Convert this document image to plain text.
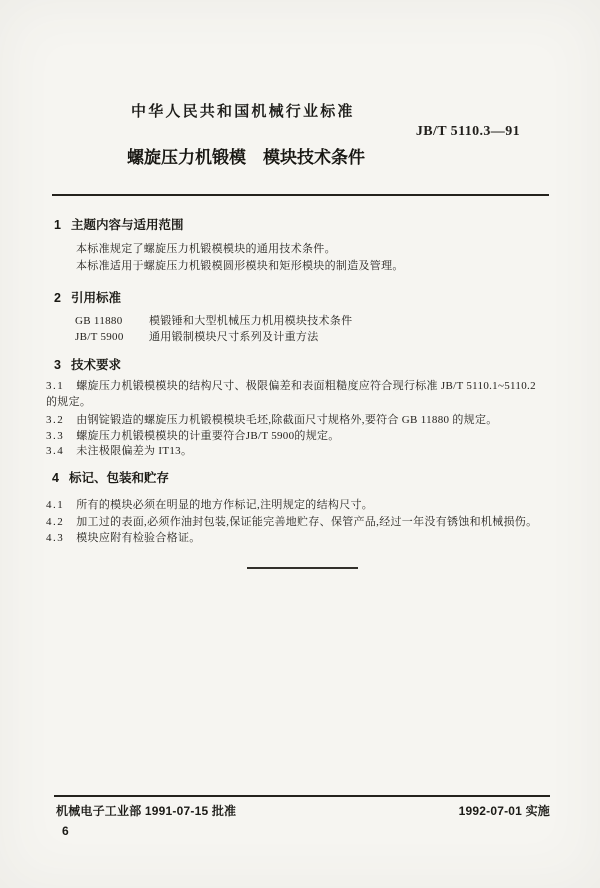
中华人民共和国机械行业标准
JB/T 5110.3—91
螺旋压力机锻模　模块技术条件
1 主题内容与适用范围
本标准规定了螺旋压力机锻模模块的通用技术条件。
本标准适用于螺旋压力机锻模圆形模块和矩形模块的制造及管理。
2 引用标准
GB 11880 模锻锤和大型机械压力机用模块技术条件
JB/T 5900 通用锻制模块尺寸系列及计重方法
3 技术要求
3.1 螺旋压力机锻模模块的结构尺寸、极限偏差和表面粗糙度应符合现行标准 JB/T 5110.1~5110.2 的规定。
3.2 由钢锭锻造的螺旋压力机锻模模块毛坯,除截面尺寸规格外,要符合 GB 11880 的规定。
3.3 螺旋压力机锻模模块的计重要符合JB/T 5900的规定。
3.4 未注极限偏差为 IT13。
4 标记、包装和贮存
4.1 所有的模块必须在明显的地方作标记,注明规定的结构尺寸。
4.2 加工过的表面,必须作油封包装,保证能完善地贮存、保管产品,经过一年没有锈蚀和机械损伤。
4.3 模块应附有检验合格证。
机械电子工业部 1991-07-15 批准	1992-07-01 实施
6
